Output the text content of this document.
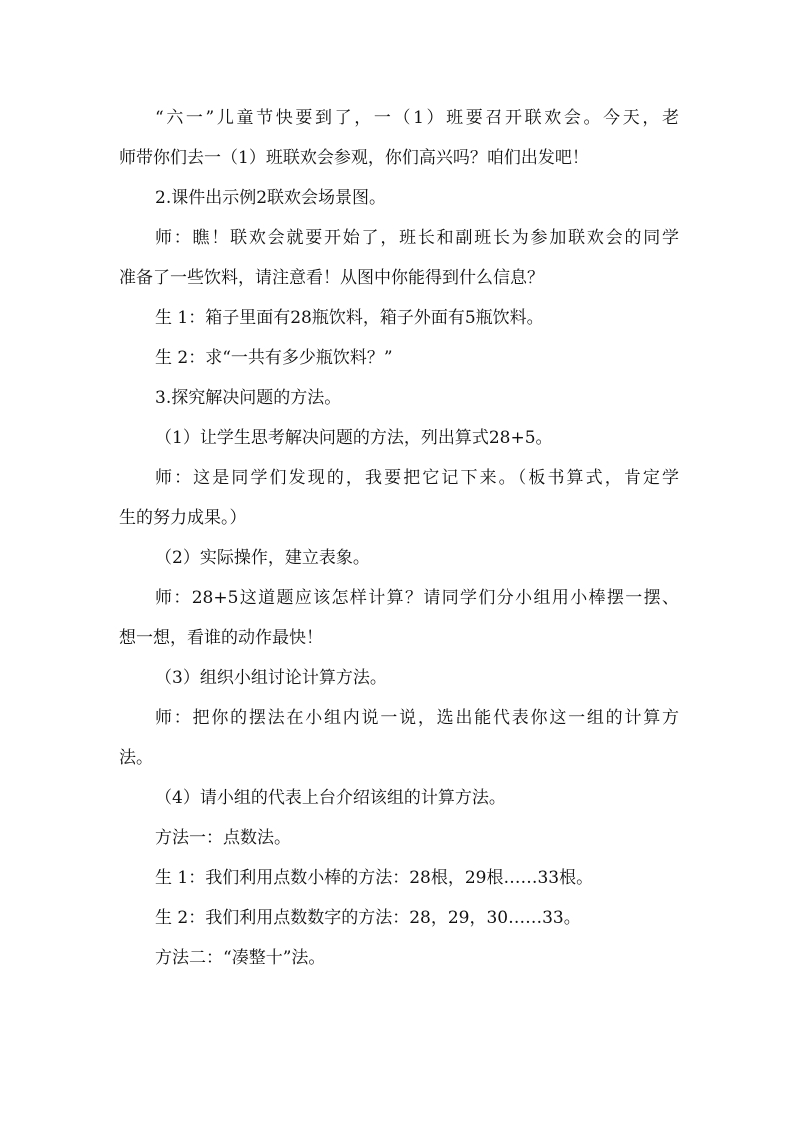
“六一”儿童节快要到了，一（1）班要召开联欢会。今天，老
师带你们去一（1）班联欢会参观，你们高兴吗？咱们出发吧！
2.课件出示例2联欢会场景图。
师：瞧！联欢会就要开始了，班长和副班长为参加联欢会的同学
准备了一些饮料，请注意看！从图中你能得到什么信息？
生 1：箱子里面有28瓶饮料，箱子外面有5瓶饮料。
生 2：求“一共有多少瓶饮料？”
3.探究解决问题的方法。
（1）让学生思考解决问题的方法，列出算式28+5。
师：这是同学们发现的，我要把它记下来。（板书算式，肯定学
生的努力成果。）
（2）实际操作，建立表象。
师：28+5这道题应该怎样计算？请同学们分小组用小棒摆一摆、
想一想，看谁的动作最快！
（3）组织小组讨论计算方法。
师：把你的摆法在小组内说一说，选出能代表你这一组的计算方
法。
（4）请小组的代表上台介绍该组的计算方法。
方法一：点数法。
生 1：我们利用点数小棒的方法：28根，29根……33根。
生 2：我们利用点数数字的方法：28，29，30……33。
方法二：“凑整十”法。
